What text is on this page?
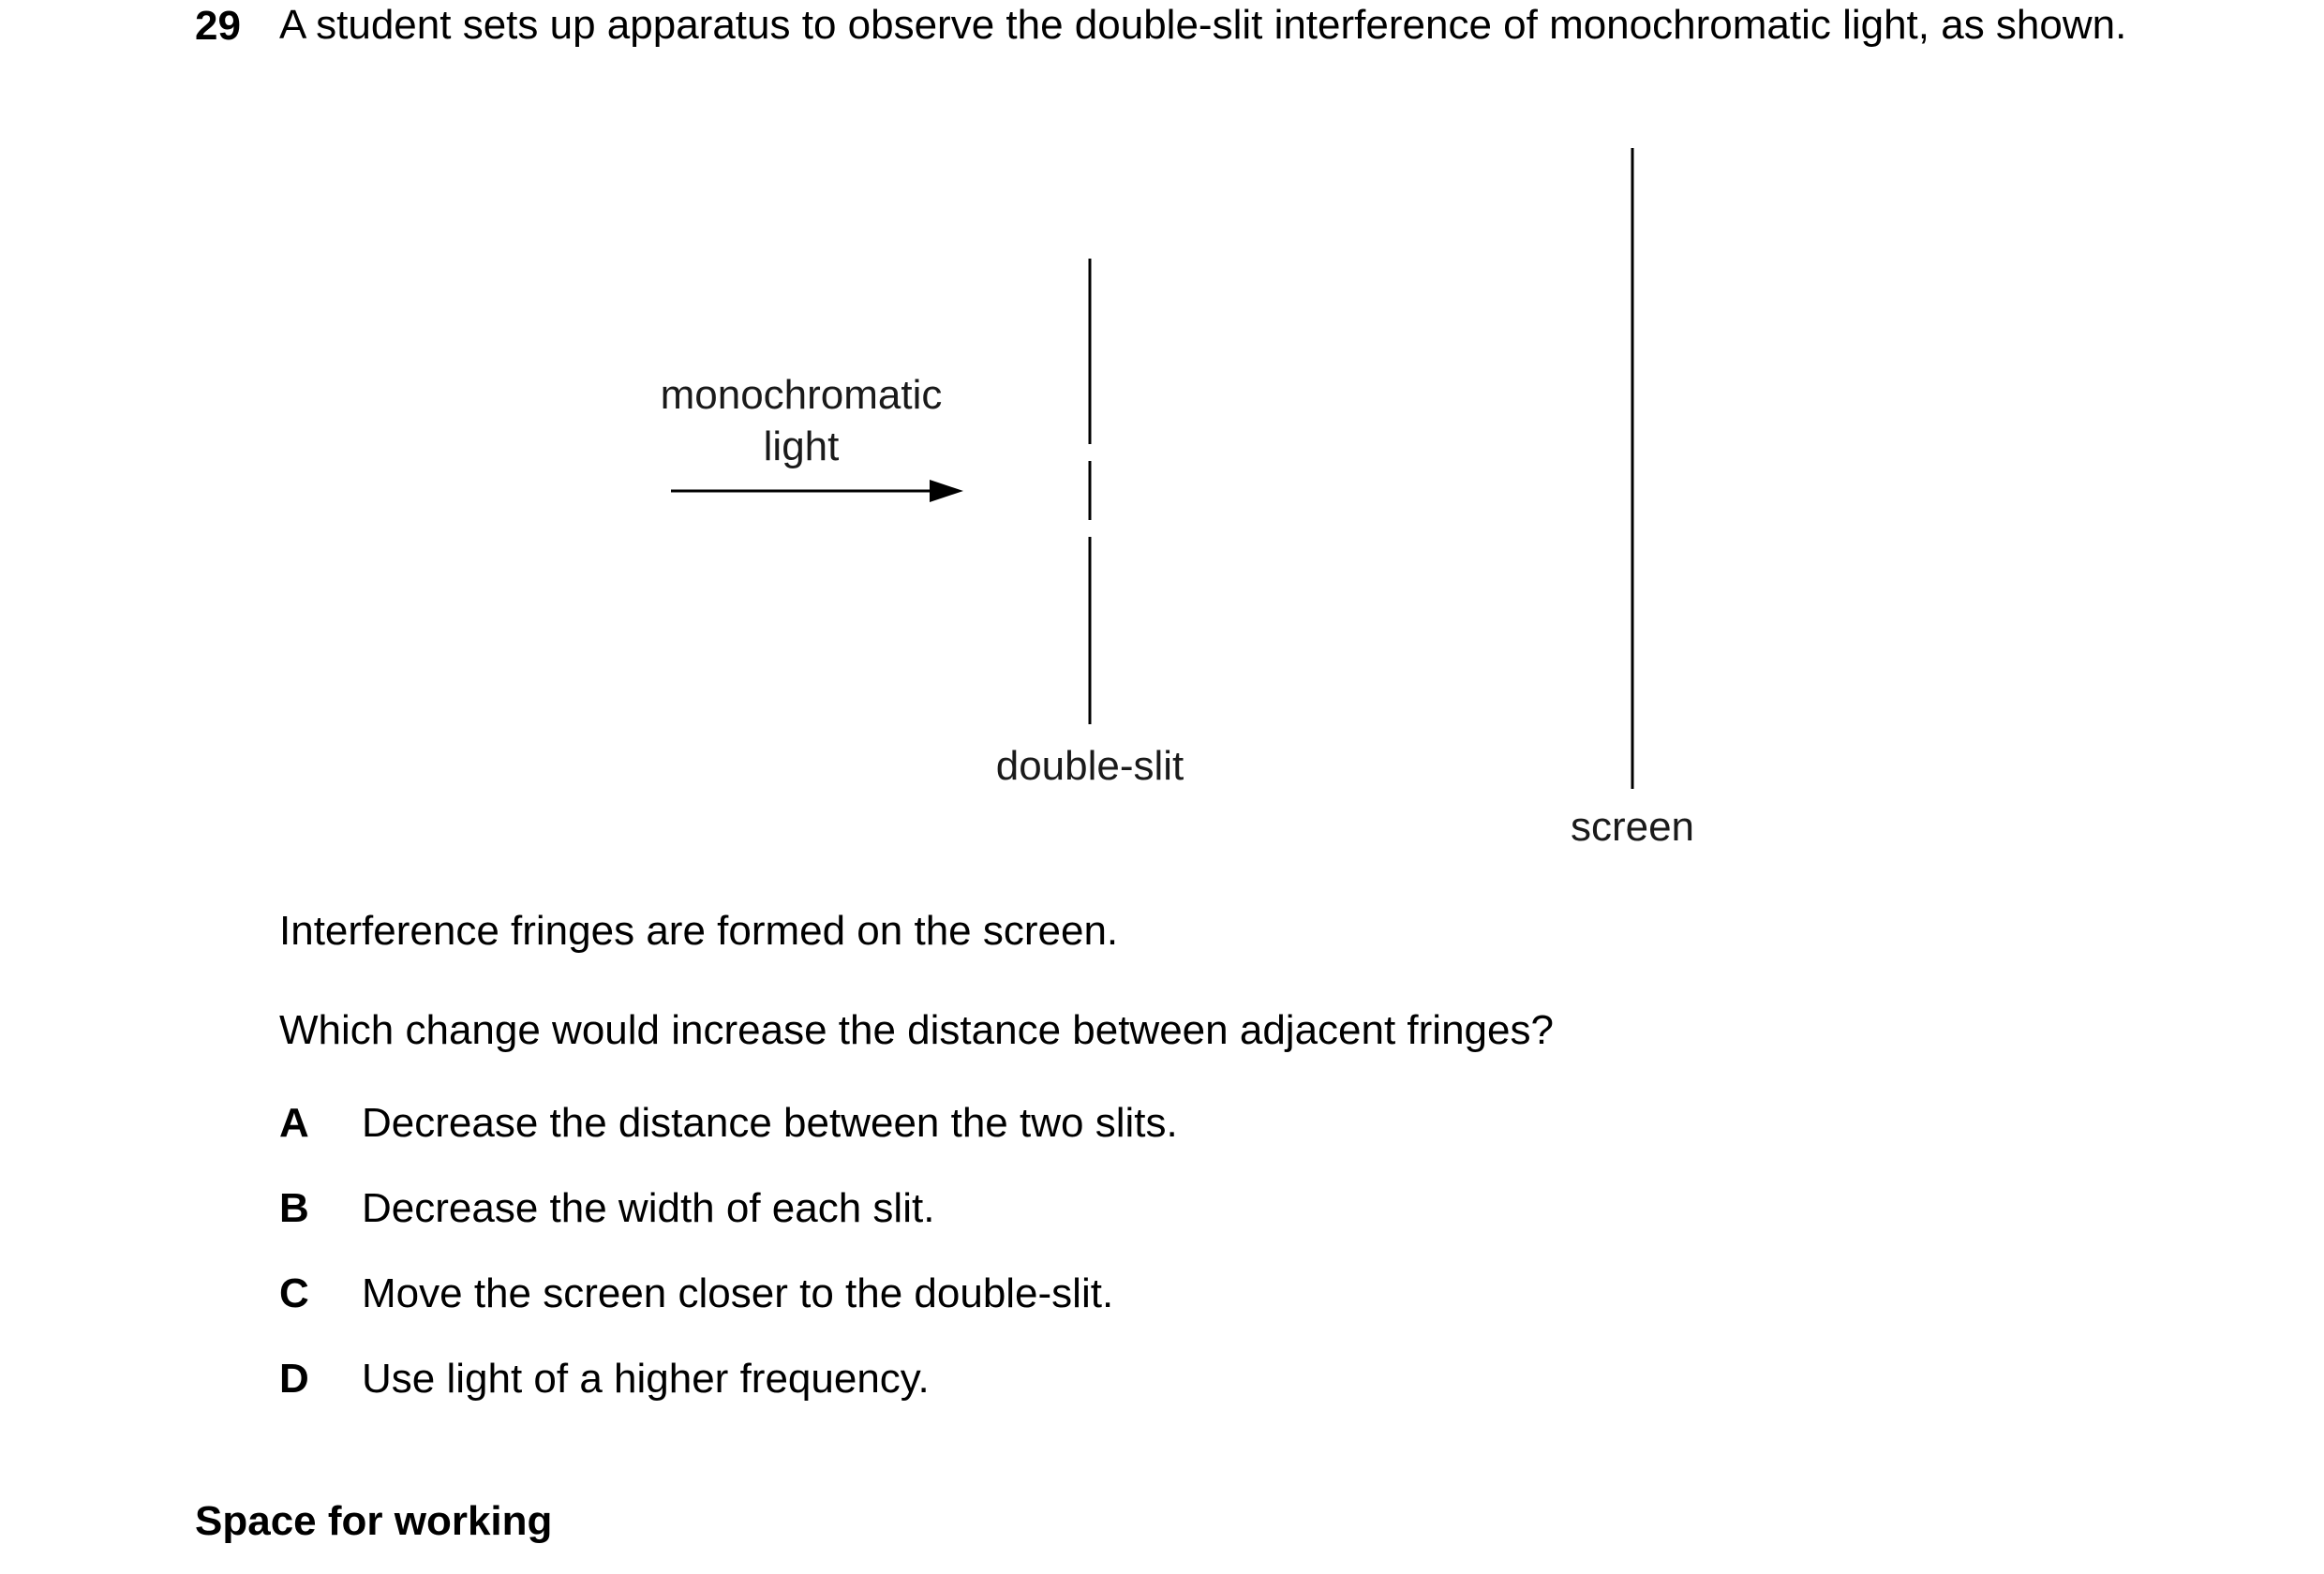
29 A student sets up apparatus to observe the double-slit interference of monochromatic light, as shown.
monochromatic
light
double-slit
screen
Interference fringes are formed on the screen.
Which change would increase the distance between adjacent fringes?
A Decrease the distance between the two slits.
B Decrease the width of each slit.
C Move the screen closer to the double-slit.
D Use light of a higher frequency.
Space for working
